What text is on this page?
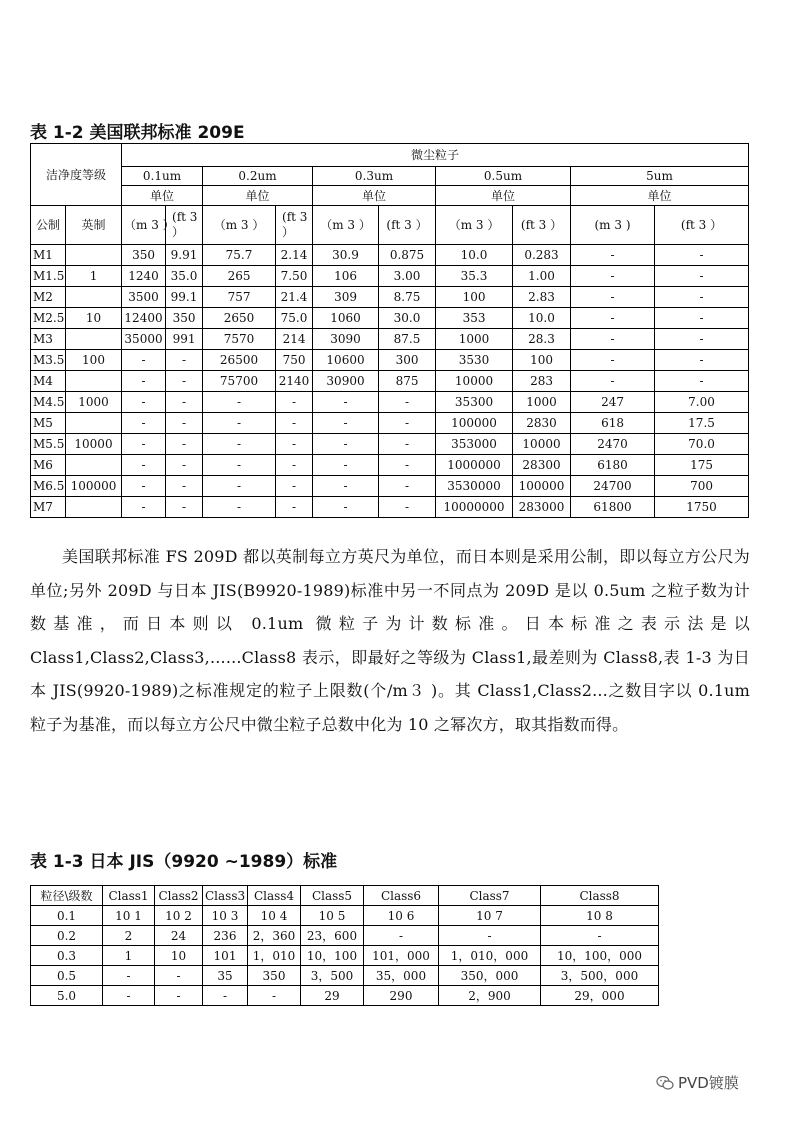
表 1-2 美国联邦标准 209E
洁净度等级		微尘粒子									
		0.1um		0.2um		0.3um		0.5um		5um	
		单位		单位		单位		单位		单位	
公制	英制	（m 3 ）	(ft 3 ）	（m 3 ）	(ft 3 ）	（m 3 ）	(ft 3 ）	（m 3 ）	(ft 3 ）	(m 3 )	(ft 3 ）
M1		350	9.91	75.7	2.14	30.9	0.875	10.0	0.283	-	-
M1.5	1	1240	35.0	265	7.50	106	3.00	35.3	1.00	-	-
M2		3500	99.1	757	21.4	309	8.75	100	2.83	-	-
M2.5	10	12400	350	2650	75.0	1060	30.0	353	10.0	-	-
M3		35000	991	7570	214	3090	87.5	1000	28.3	-	-
M3.5	100	-	-	26500	750	10600	300	3530	100	-	-
M4		-	-	75700	2140	30900	875	10000	283	-	-
M4.5	1000	-	-	-	-	-	-	35300	1000	247	7.00
M5		-	-	-	-	-	-	100000	2830	618	17.5
M5.5	10000	-	-	-	-	-	-	353000	10000	2470	70.0
M6		-	-	-	-	-	-	1000000	28300	6180	175
M6.5	100000	-	-	-	-	-	-	3530000	100000	24700	700
M7		-	-	-	-	-	-	10000000	283000	61800	1750

美国联邦标准 FS 209D 都以英制每立方英尺为单位，而日本则是采用公制，即以每立方公尺为单位;另外 209D 与日本 JIS(B9920-1989)标准中另一不同点为 209D 是以 0.5um 之粒子数为计数基准，而日本则以 0.1um 微粒子为计数标准。日本标准之表示法是以 Class1,Class2,Class3,......Class8 表示，即最好之等级为 Class1,最差则为 Class8,表 1-3 为日本 JIS(9920-1989)之标准规定的粒子上限数(个/m３ )。其 Class1,Class2...之数目字以 0.1um 粒子为基准，而以每立方公尺中微尘粒子总数中化为 10 之幂次方，取其指数而得。

表 1-3 日本 JIS（9920 ~1989）标准
粒径\级数	Class1	Class2	Class3	Class4	Class5	Class6	Class7	Class8
0.1	10 1	10 2	10 3	10 4	10 5	10 6	10 7	10 8
0.2	2	24	236	2，360	23，600	-	-	-
0.3	1	10	101	1，010	10，100	101，000	1，010，000	10，100，000
0.5	-	-	35	350	3，500	35，000	350，000	3，500，000
5.0	-	-	-	-	29	290	2，900	29，000
PVD镀膜
